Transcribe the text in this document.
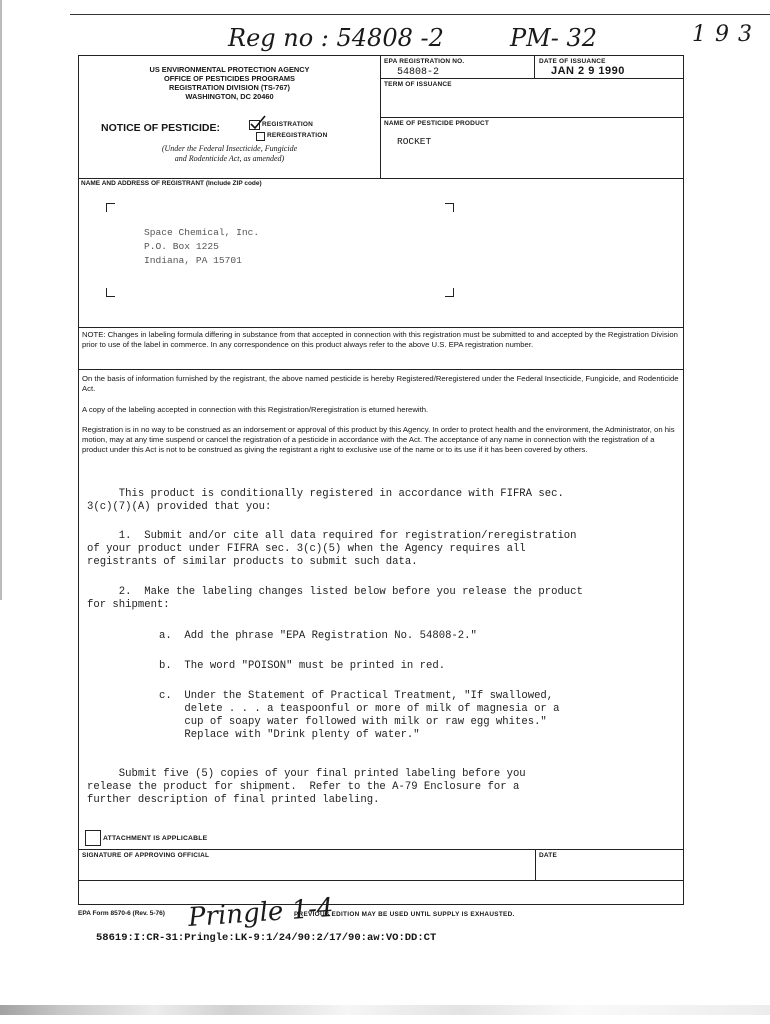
Reg no : 54808 -2	PM- 32	1 9 3
US ENVIRONMENTAL PROTECTION AGENCY
OFFICE OF PESTICIDES PROGRAMS
REGISTRATION DIVISION (TS-767)
WASHINGTON, DC 20460
NOTICE OF PESTICIDE:	REGISTRATION
REREGISTRATION
(Under the Federal Insecticide, Fungicide
and Rodenticide Act, as amended)
EPA REGISTRATION NO.
54808-2
DATE OF ISSUANCE
JAN 2 9 1990
TERM OF ISSUANCE
NAME OF PESTICIDE PRODUCT
ROCKET
NAME AND ADDRESS OF REGISTRANT (Include ZIP code)
Space Chemical, Inc.
P.O. Box 1225
Indiana, PA 15701
NOTE: Changes in labeling formula differing in substance from that accepted in connection with this registration must be submitted to and accepted by the Registration Division prior to use of the label in commerce. In any correspondence on this product always refer to the above U.S. EPA registration number.
On the basis of information furnished by the registrant, the above named pesticide is hereby Registered/Reregistered under the Federal Insecticide, Fungicide, and Rodenticide Act.
A copy of the labeling accepted in connection with this Registration/Reregistration is eturned herewith.
Registration is in no way to be construed as an indorsement or approval of this product by this Agency. In order to protect health and the environment, the Administrator, on his motion, may at any time suspend or cancel the registration of a pesticide in accordance with the Act. The acceptance of any name in connection with the registration of a product under this Act is not to be construed as giving the registrant a right to exclusive use of the name or to its use if it has been covered by others.
This product is conditionally registered in accordance with FIFRA sec.
3(c)(7)(A) provided that you:
1.  Submit and/or cite all data required for registration/reregistration
of your product under FIFRA sec. 3(c)(5) when the Agency requires all
registrants of similar products to submit such data.
2.  Make the labeling changes listed below before you release the product
for shipment:
a.  Add the phrase "EPA Registration No. 54808-2."
b.  The word "POISON" must be printed in red.
c.  Under the Statement of Practical Treatment, "If swallowed,
delete . . . a teaspoonful or more of milk of magnesia or a
cup of soapy water followed with milk or raw egg whites."
Replace with "Drink plenty of water."
Submit five (5) copies of your final printed labeling before you
release the product for shipment.  Refer to the A-79 Enclosure for a
further description of final printed labeling.
ATTACHMENT IS APPLICABLE
SIGNATURE OF APPROVING OFFICIAL	DATE
EPA Form 8570-6 (Rev. 5-76)	PREVIOUS EDITION MAY BE USED UNTIL SUPPLY IS EXHAUSTED.
Pringle 1-4
58619:I:CR-31:Pringle:LK-9:1/24/90:2/17/90:aw:VO:DD:CT
